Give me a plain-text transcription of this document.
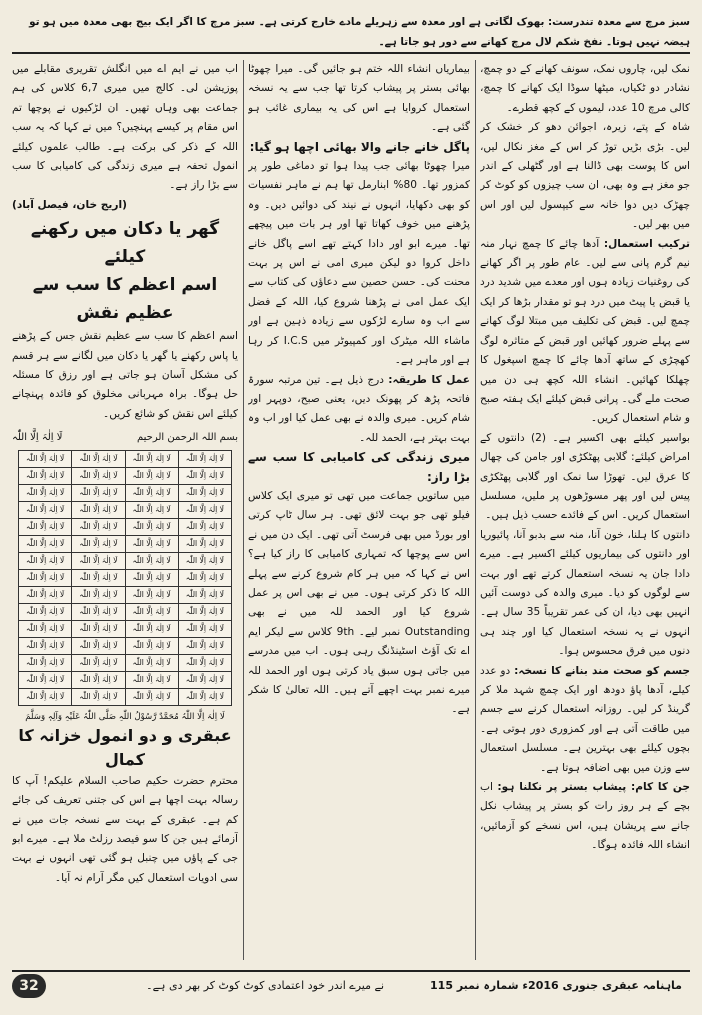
سبز مرچ سے معدہ تندرست: بھوک لگاتی ہے اور معدہ سے زہریلے مادے خارج کرتی ہے۔ سبز مرچ کا اگر ایک بیج بھی معدہ میں ہو تو ہیضہ نہیں ہوتا۔ نفخ شکم لال مرچ کھانے سے دور ہو جاتا ہے۔

نمک لیں، چاروں نمک، سونف کھانے کے دو چمچ، نشادر دو ٹکیاں، میٹھا سوڈا ایک کھانے کا چمچ، کالی مرچ 10 عدد، لیموں کے کچھ قطرے۔

شاہ کے پتے، زیرہ، اجوائن دھو کر خشک کر لیں۔ بڑی بڑیں توڑ کر اس کے مغز نکال لیں، اس کا پوست بھی ڈالنا ہے اور گٹھلی کے اندر جو مغز ہے وہ بھی، ان سب چیزوں کو کوٹ کر چھڑک دیں دوا خانہ سے کیپسول لیں اور اس میں بھر لیں۔

ترکیب استعمال: آدھا چائے کا چمچ نہار منہ نیم گرم پانی سے لیں۔ عام طور پر اگر کھانے کی روغنیات زیادہ ہوں اور معدے میں شدید درد یا قبض یا پیٹ میں درد ہو تو مقدار بڑھا کر ایک چمچ لیں۔ قبض کی تکلیف میں مبتلا لوگ کھانے سے پہلے ضرور کھائیں اور قبض کے متاثرہ لوگ کھچڑی کے ساتھ آدھا چائے کا چمچ اسپغول کا چھلکا کھائیں۔ انشاء اللہ کچھ ہی دن میں صحت ملے گی۔ پرانی قبض کیلئے ایک ہفتہ صبح و شام استعمال کریں۔

بواسیر کیلئے بھی اکسیر ہے۔ (2) دانتوں کے امراض کیلئے: گلابی پھٹکڑی اور جامن کی چھال کا عرق لیں۔ تھوڑا سا نمک اور گلابی پھٹکڑی پیس لیں اور پھر مسوڑھوں پر ملیں، مسلسل استعمال کریں۔ اس کے فائدے حسب ذیل ہیں۔

دانتوں کا ہلنا، خون آنا، منہ سے بدبو آنا، پائیوریا اور دانتوں کی بیماریوں کیلئے اکسیر ہے۔ میرے دادا جان یہ نسخہ استعمال کرتے تھے اور بہت سے لوگوں کو دیا۔ میری والدہ کی دوست آئیں انہیں بھی دیا، ان کی عمر تقریباً 35 سال ہے۔ انہوں نے یہ نسخہ استعمال کیا اور چند ہی دنوں میں فرق محسوس ہوا۔

جسم کو صحت مند بنانے کا نسخہ: دو عدد کیلے، آدھا پاؤ دودھ اور ایک چمچ شہد ملا کر گرینڈ کر لیں۔ روزانہ استعمال کرنے سے جسم میں طاقت آتی ہے اور کمزوری دور ہوتی ہے۔ بچوں کیلئے بھی بہترین ہے۔ مسلسل استعمال سے وزن میں بھی اضافہ ہوتا ہے۔

جن کا کام: پیشاب بستر پر نکلنا ہو: اب بچے کے ہر روز رات کو بستر پر پیشاب نکل جانے سے پریشان ہیں، اس نسخے کو آزمائیں، انشاء اللہ فائدہ ہوگا۔

بیماریاں انشاء اللہ ختم ہو جائیں گی۔ میرا چھوٹا بھائی بستر پر پیشاب کرتا تھا جب سے یہ نسخہ استعمال کروایا ہے اس کی یہ بیماری غائب ہو گئی ہے۔

پاگل خانے جانے والا بھائی اچھا ہو گیا:

میرا چھوٹا بھائی جب پیدا ہوا تو دماغی طور پر کمزور تھا۔ 80% ابنارمل تھا ہم نے ماہر نفسیات کو بھی دکھایا، انہوں نے نیند کی دوائیں دیں۔ وہ پڑھنے میں خوف کھاتا تھا اور ہر بات میں پیچھے تھا۔ میرے ابو اور دادا کہتے تھے اسے پاگل خانے داخل کروا دو لیکن میری امی نے اس پر بہت محنت کی۔ حسن حصین سے دعاؤں کی کتاب سے ایک عمل امی نے پڑھنا شروع کیا، اللہ کے فضل سے اب وہ سارے لڑکوں سے زیادہ ذہین ہے اور ماشاء اللہ میٹرک اور کمپیوٹر میں I.C.S کر رہا ہے اور ماہر ہے۔

عمل کا طریقہ: درج ذیل ہے۔ تین مرتبہ سورۃ فاتحہ پڑھ کر پھونک دیں، یعنی صبح، دوپہر اور شام کریں۔ میری والدہ نے بھی عمل کیا اور اب وہ بہت بہتر ہے، الحمد للہ۔

میری زندگی کی کامیابی کا سب سے بڑا راز:

میں ساتویں جماعت میں تھی تو میری ایک کلاس فیلو تھی جو بہت لائق تھی۔ ہر سال ٹاپ کرتی اور بورڈ میں بھی فرسٹ آتی تھی۔ ایک دن میں نے اس سے پوچھا کہ تمہاری کامیابی کا راز کیا ہے؟ اس نے کہا کہ میں ہر کام شروع کرنے سے پہلے اللہ کا ذکر کرتی ہوں۔ میں نے بھی اس پر عمل شروع کیا اور الحمد للہ میں نے بھی Outstanding نمبر لیے۔ 9th کلاس سے لیکر ایم اے تک آؤٹ اسٹینڈنگ رہی ہوں۔ اب میں مدرسے میں جاتی ہوں سبق یاد کرتی ہوں اور الحمد للہ میرے نمبر بہت اچھے آتے ہیں۔ اللہ تعالیٰ کا شکر ہے۔

اب میں نے ایم اے میں انگلش تقریری مقابلے میں پوزیشن لی۔ کالج میں میری 6,7 کلاس کی ہم جماعت بھی وہاں تھیں۔ ان لڑکیوں نے پوچھا تم اس مقام پر کیسے پہنچیں؟ میں نے کہا کہ یہ سب اللہ کے ذکر کی برکت ہے۔ طالب علموں کیلئے انمول تحفہ ہے میری زندگی کی کامیابی کا سب سے بڑا راز ہے۔

(اریج خان، فیصل آباد)

گھر یا دکان میں رکھنے کیلئے

اسم اعظم کا سب سے عظیم نقش

اسم اعظم کا سب سے عظیم نقش جس کے پڑھنے یا پاس رکھنے یا گھر یا دکان میں لگانے سے ہر قسم کی مشکل آسان ہو جاتی ہے اور رزق کا مسئلہ حل ہوگا۔ براہ مہربانی مخلوق کو فائدہ پہنچانے کیلئے اس نقش کو شائع کریں۔

بسم اللہ الرحمن الرحیم
لَا اِلٰہَ اِلَّا اللّٰہ
لَا اِلٰہَ اِلَّا اللّٰہ	لَا اِلٰہَ اِلَّا اللّٰہ	لَا اِلٰہَ اِلَّا اللّٰہ	لَا اِلٰہَ اِلَّا اللّٰہ
لَا اِلٰہَ اِلَّا اللّٰہ	لَا اِلٰہَ اِلَّا اللّٰہ	لَا اِلٰہَ اِلَّا اللّٰہ	لَا اِلٰہَ اِلَّا اللّٰہ
لَا اِلٰہَ اِلَّا اللّٰہ	لَا اِلٰہَ اِلَّا اللّٰہ	لَا اِلٰہَ اِلَّا اللّٰہ	لَا اِلٰہَ اِلَّا اللّٰہ
لَا اِلٰہَ اِلَّا اللّٰہ	لَا اِلٰہَ اِلَّا اللّٰہ	لَا اِلٰہَ اِلَّا اللّٰہ	لَا اِلٰہَ اِلَّا اللّٰہ
لَا اِلٰہَ اِلَّا اللّٰہ	لَا اِلٰہَ اِلَّا اللّٰہ	لَا اِلٰہَ اِلَّا اللّٰہ	لَا اِلٰہَ اِلَّا اللّٰہ
لَا اِلٰہَ اِلَّا اللّٰہ	لَا اِلٰہَ اِلَّا اللّٰہ	لَا اِلٰہَ اِلَّا اللّٰہ	لَا اِلٰہَ اِلَّا اللّٰہ
لَا اِلٰہَ اِلَّا اللّٰہ	لَا اِلٰہَ اِلَّا اللّٰہ	لَا اِلٰہَ اِلَّا اللّٰہ	لَا اِلٰہَ اِلَّا اللّٰہ
لَا اِلٰہَ اِلَّا اللّٰہ	لَا اِلٰہَ اِلَّا اللّٰہ	لَا اِلٰہَ اِلَّا اللّٰہ	لَا اِلٰہَ اِلَّا اللّٰہ
لَا اِلٰہَ اِلَّا اللّٰہ	لَا اِلٰہَ اِلَّا اللّٰہ	لَا اِلٰہَ اِلَّا اللّٰہ	لَا اِلٰہَ اِلَّا اللّٰہ
لَا اِلٰہَ اِلَّا اللّٰہ	لَا اِلٰہَ اِلَّا اللّٰہ	لَا اِلٰہَ اِلَّا اللّٰہ	لَا اِلٰہَ اِلَّا اللّٰہ
لَا اِلٰہَ اِلَّا اللّٰہ	لَا اِلٰہَ اِلَّا اللّٰہ	لَا اِلٰہَ اِلَّا اللّٰہ	لَا اِلٰہَ اِلَّا اللّٰہ
لَا اِلٰہَ اِلَّا اللّٰہ	لَا اِلٰہَ اِلَّا اللّٰہ	لَا اِلٰہَ اِلَّا اللّٰہ	لَا اِلٰہَ اِلَّا اللّٰہ
لَا اِلٰہَ اِلَّا اللّٰہ	لَا اِلٰہَ اِلَّا اللّٰہ	لَا اِلٰہَ اِلَّا اللّٰہ	لَا اِلٰہَ اِلَّا اللّٰہ
لَا اِلٰہَ اِلَّا اللّٰہ	لَا اِلٰہَ اِلَّا اللّٰہ	لَا اِلٰہَ اِلَّا اللّٰہ	لَا اِلٰہَ اِلَّا اللّٰہ
لَا اِلٰہَ اِلَّا اللّٰہ	لَا اِلٰہَ اِلَّا اللّٰہ	لَا اِلٰہَ اِلَّا اللّٰہ	لَا اِلٰہَ اِلَّا اللّٰہ

لَا اِلٰہَ اِلَّا اللّٰہُ مُحَمَّدٌ رَّسُوْلُ اللّٰہِ صَلَّی اللّٰہُ عَلَیْہِ وَآلِہٖ وَسَلَّمَ

عبقری و دو انمول خزانہ کا کمال

محترم حضرت حکیم صاحب السلام علیکم! آپ کا رسالہ بہت اچھا ہے اس کی جتنی تعریف کی جائے کم ہے۔ عبقری کے بہت سے نسخہ جات میں نے آزمائے ہیں جن کا سو فیصد رزلٹ ملا ہے۔ میرے ابو جی کے پاؤں میں چنبل ہو گئی تھی انہوں نے بہت سی ادویات استعمال کیں مگر آرام نہ آیا۔

ماہنامہ عبقری جنوری 2016ء شمارہ نمبر 115
نے میرے اندر خود اعتمادی کوٹ کوٹ کر بھر دی ہے۔
32
